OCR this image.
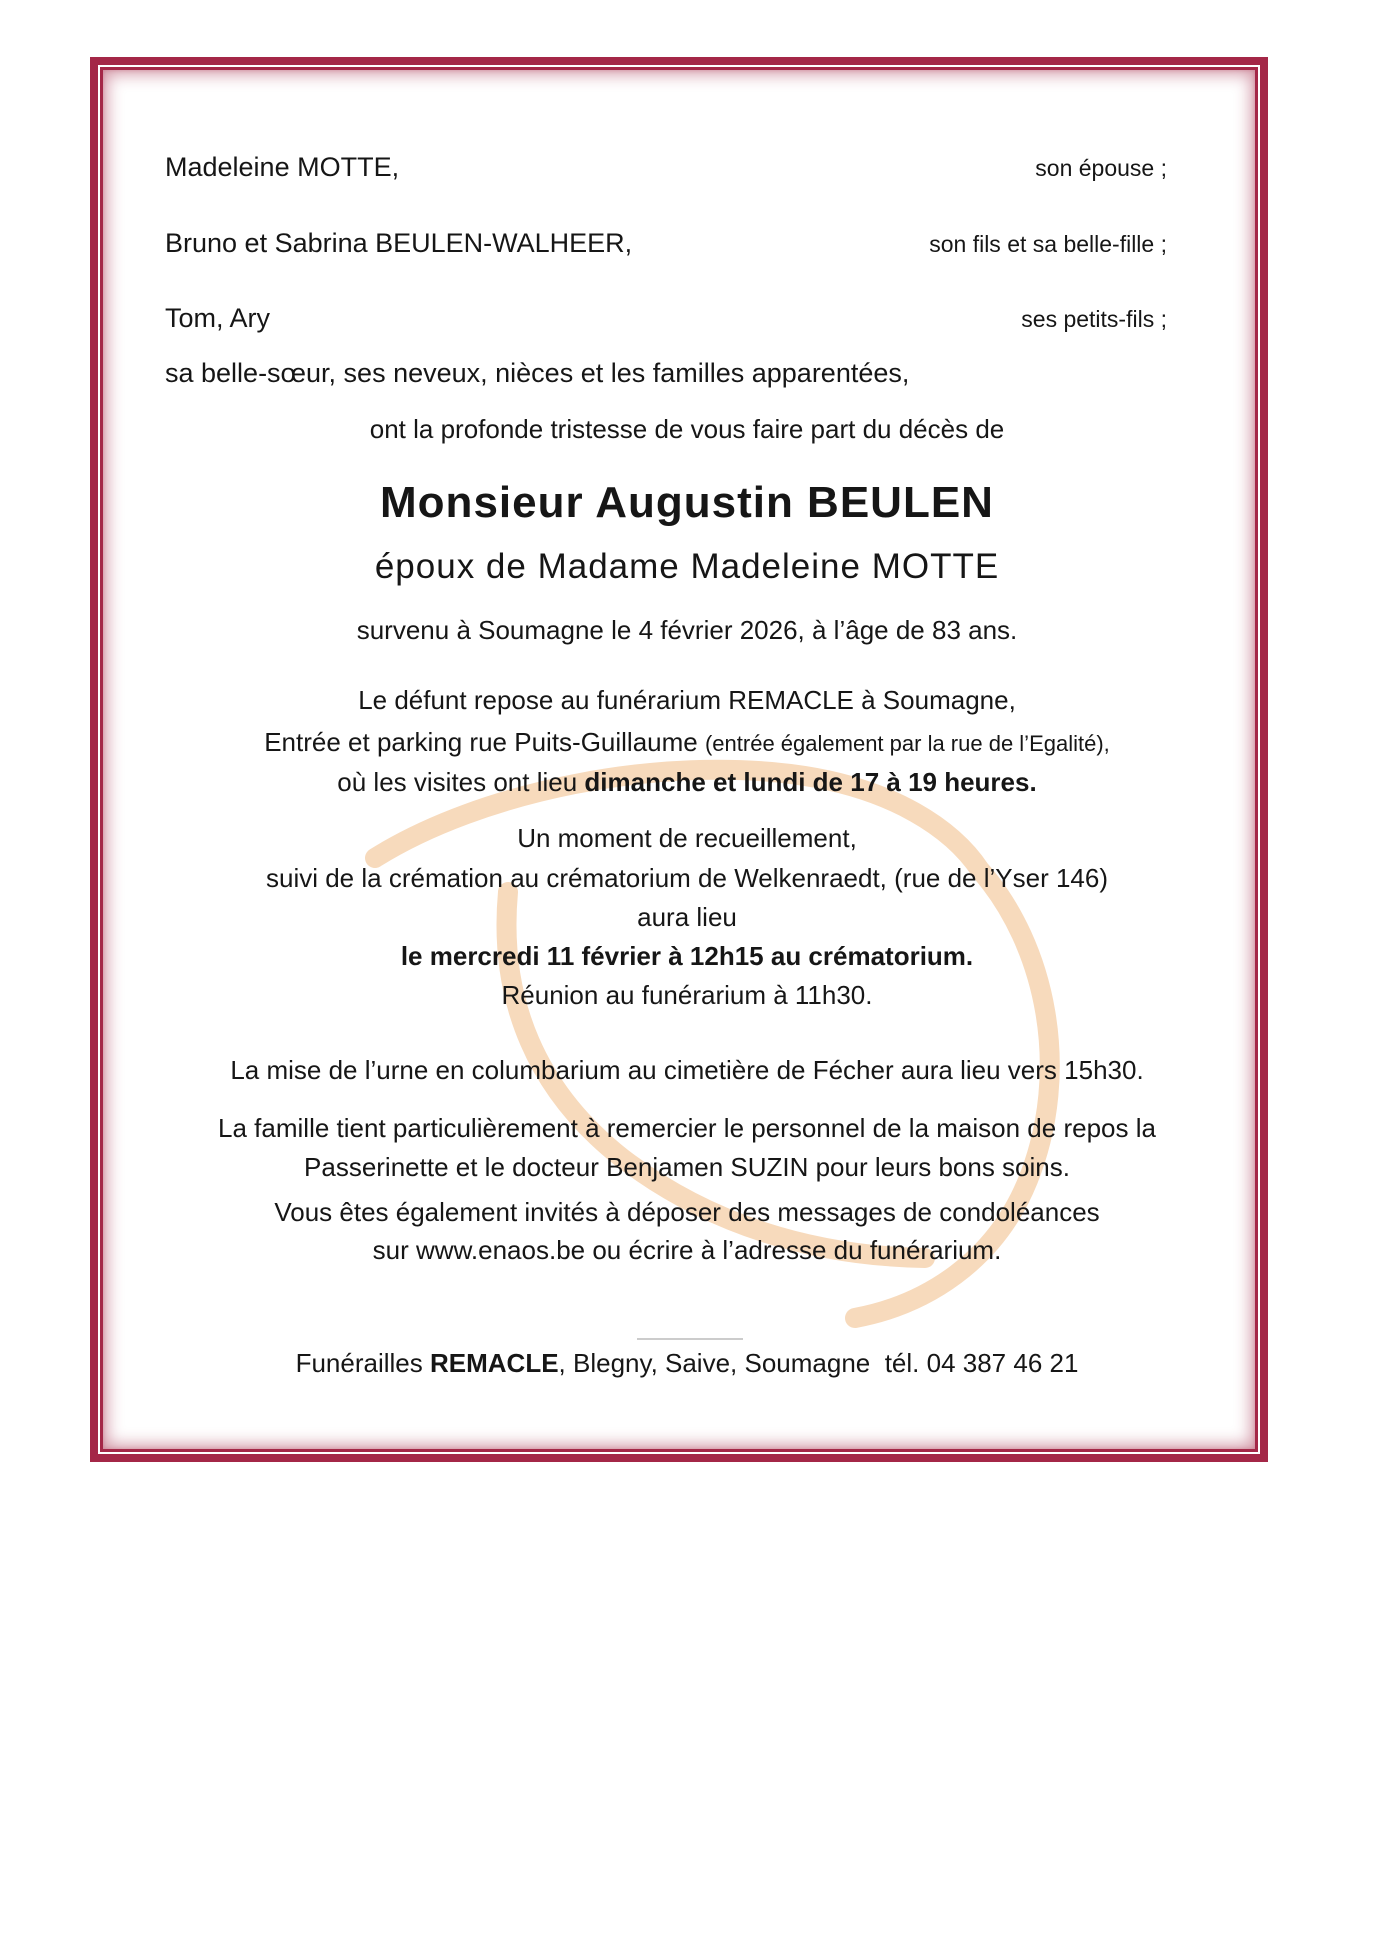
Madeleine MOTTE,	son épouse ;
Bruno et Sabrina BEULEN-WALHEER,	son fils et sa belle-fille ;
Tom, Ary	ses petits-fils ;
sa belle-sœur, ses neveux, nièces et les familles apparentées,
ont la profonde tristesse de vous faire part du décès de
Monsieur Augustin BEULEN
époux de Madame Madeleine MOTTE
survenu à Soumagne le 4 février 2026, à l’âge de 83 ans.
Le défunt repose au funérarium REMACLE à Soumagne,
Entrée et parking rue Puits-Guillaume (entrée également par la rue de l’Egalité),
où les visites ont lieu dimanche et lundi de 17 à 19 heures.
Un moment de recueillement,
suivi de la crémation au crématorium de Welkenraedt, (rue de l’Yser 146)
aura lieu
le mercredi 11 février à 12h15 au crématorium.
Réunion au funérarium à 11h30.
La mise de l’urne en columbarium au cimetière de Fécher aura lieu vers 15h30.
La famille tient particulièrement à remercier le personnel de la maison de repos la
Passerinette et le docteur Benjamen SUZIN pour leurs bons soins.
Vous êtes également invités à déposer des messages de condoléances
sur www.enaos.be ou écrire à l’adresse du funérarium.
Funérailles REMACLE, Blegny, Saive, Soumagne  tél. 04 387 46 21
